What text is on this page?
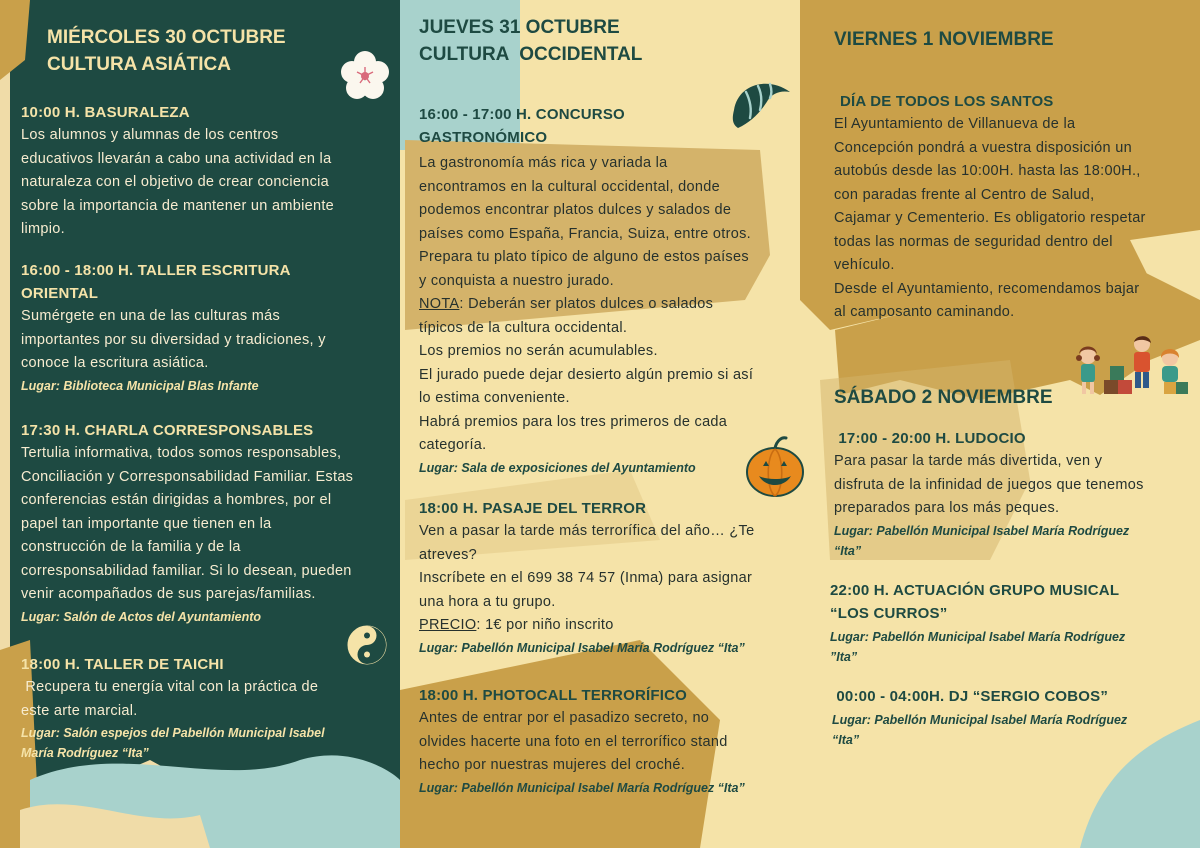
MIÉRCOLES 30 OCTUBRE
CULTURA ASIÁTICA
10:00 H. BASURALEZA
Los alumnos y alumnas de los centros
educativos llevarán a cabo una actividad en la
naturaleza con el objetivo de crear conciencia
sobre la importancia de mantener un ambiente
limpio.
16:00 - 18:00 H. TALLER ESCRITURA
ORIENTAL
Sumérgete en una de las culturas más
importantes por su diversidad y tradiciones, y
conoce la escritura asiática.
Lugar: Biblioteca Municipal Blas Infante
17:30 H. CHARLA CORRESPONSABLES
Tertulia informativa, todos somos responsables,
Conciliación y Corresponsabilidad Familiar. Estas
conferencias están dirigidas a hombres, por el
papel tan importante que tienen en la
construcción de la familia y de la
corresponsabilidad familiar. Si lo desean, pueden
venir acompañados de sus parejas/familias.
Lugar: Salón de Actos del Ayuntamiento
18:00 H. TALLER DE TAICHI
Recupera tu energía vital con la práctica de
este arte marcial.
Lugar: Salón espejos del Pabellón Municipal Isabel
María Rodríguez “Ita”
JUEVES 31 OCTUBRE
CULTURA  OCCIDENTAL
16:00 - 17:00 H. CONCURSO
GASTRONÓMICO
La gastronomía más rica y variada la
encontramos en la cultural occidental, donde
podemos encontrar platos dulces y salados de
países como España, Francia, Suiza, entre otros.
Prepara tu plato típico de alguno de estos países
y conquista a nuestro jurado.
NOTA: Deberán ser platos dulces o salados
típicos de la cultura occidental.
Los premios no serán acumulables.
El jurado puede dejar desierto algún premio si así
lo estima conveniente.
Habrá premios para los tres primeros de cada
categoría.
Lugar: Sala de exposiciones del Ayuntamiento
18:00 H. PASAJE DEL TERROR
Ven a pasar la tarde más terrorífica del año… ¿Te
atreves?
Inscríbete en el 699 38 74 57 (Inma) para asignar
una hora a tu grupo.
PRECIO: 1€ por niño inscrito
Lugar: Pabellón Municipal Isabel María Rodríguez “Ita”
18:00 H. PHOTOCALL TERRORÍFICO
Antes de entrar por el pasadizo secreto, no
olvides hacerte una foto en el terrorífico stand
hecho por nuestras mujeres del croché.
Lugar: Pabellón Municipal Isabel María Rodríguez “Ita”
VIERNES 1 NOVIEMBRE
DÍA DE TODOS LOS SANTOS
El Ayuntamiento de Villanueva de la
Concepción pondrá a vuestra disposición un
autobús desde las 10:00H. hasta las 18:00H.,
con paradas frente al Centro de Salud,
Cajamar y Cementerio. Es obligatorio respetar
todas las normas de seguridad dentro del
vehículo.
Desde el Ayuntamiento, recomendamos bajar
al camposanto caminando.
SÁBADO 2 NOVIEMBRE
17:00 - 20:00 H. LUDOCIO
Para pasar la tarde más divertida, ven y
disfruta de la infinidad de juegos que tenemos
preparados para los más peques.
Lugar: Pabellón Municipal Isabel María Rodríguez
“Ita”
22:00 H. ACTUACIÓN GRUPO MUSICAL
“LOS CURROS”
Lugar: Pabellón Municipal Isabel María Rodríguez
”Ita”
00:00 - 04:00H. DJ “SERGIO COBOS”
Lugar: Pabellón Municipal Isabel María Rodríguez
“Ita”
